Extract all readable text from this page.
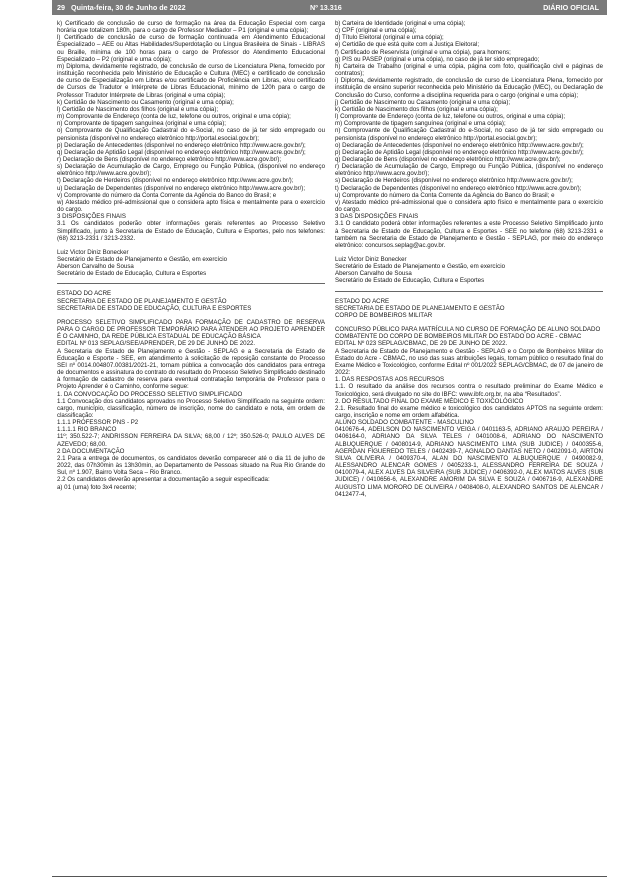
29 Quinta-feira, 30 de Junho de 2022	Nº 13.316	DIÁRIO OFICIAL

k) Certificado de conclusão de curso de formação na área da Educação Especial com carga horária que totalizem 180h, para o cargo de Professor Mediador – P1 (original e uma cópia);

l) Certificado de conclusão de curso de formação continuada em Atendimento Educacional Especializado – AEE ou Altas Habilidades/Superdotação ou Língua Brasileira de Sinais - LIBRAS ou Braille, mínima de 100 horas para o cargo de Professor do Atendimento Educacional Especializado – P2 (original e uma cópia);

m) Diploma, devidamente registrado, de conclusão de curso de Licenciatura Plena, fornecido por instituição reconhecida pelo Ministério de Educação e Cultura (MEC) e certificado de conclusão de curso de Especialização em Libras e/ou certificado de Proficiência em Libras, e/ou certificado de Cursos de Tradutor e Intérprete de Libras Educacional, mínimo de 120h para o cargo de Professor Tradutor Intérprete de Libras (original e uma cópia);

k) Certidão de Nascimento ou Casamento (original e uma cópia);

l) Certidão de Nascimento dos filhos (original e uma cópia);

m) Comprovante de Endereço (conta de luz, telefone ou outros, original e uma cópia);

n) Comprovante de tipagem sanguínea (original e uma cópia);

o) Comprovante de Qualificação Cadastral do e-Social, no caso de já ter sido empregado ou pensionista (disponível no endereço eletrônico http://portal.esocial.gov.br);

p) Declaração de Antecedentes (disponível no endereço eletrônico http://www.acre.gov.br/);

q) Declaração de Aptidão Legal (disponível no endereço eletrônico http://www.acre.gov.br/);

r) Declaração de Bens (disponível no endereço eletrônico http://www.acre.gov.br/);

s) Declaração de Acumulação de Cargo, Emprego ou Função Pública, (disponível no endereço eletrônico http://www.acre.gov.br/);

t) Declaração de Herdeiros (disponível no endereço eletrônico http://www.acre.gov.br/);

u) Declaração de Dependentes (disponível no endereço eletrônico http://www.acre.gov.br/);

v) Comprovante do número da Conta Corrente da Agência do Banco do Brasil; e

w) Atestado médico pré-admissional que o considera apto física e mentalmente para o exercício do cargo.

3 DISPOSIÇÕES FINAIS

3.1 Os candidatos poderão obter informações gerais referentes ao Processo Seletivo Simplificado, junto à Secretaria de Estado de Educação, Cultura e Esportes, pelo nos telefones: (68) 3213-2331 / 3213-2332.

Luiz Victor Diniz Bonecker

Secretário de Estado de Planejamento e Gestão, em exercício

Aberson Carvalho de Sousa

Secretário de Estado de Educação, Cultura e Esportes

ESTADO DO ACRE

SECRETARIA DE ESTADO DE PLANEJAMENTO E GESTÃO

SECRETARIA DE ESTADO DE EDUCAÇÃO, CULTURA E ESPORTES

PROCESSO SELETIVO SIMPLIFICADO PARA FORMAÇÃO DE CADASTRO DE RESERVA PARA O CARGO DE PROFESSOR TEMPORÁRIO PARA ATENDER AO PROJETO APRENDER É O CAMINHO, DA REDE PÚBLICA ESTADUAL DE EDUCAÇÃO BÁSICA

EDITAL Nº 013 SEPLAG/SEE/APRENDER, DE 29 DE JUNHO DE 2022.

A Secretaria de Estado de Planejamento e Gestão - SEPLAG e a Secretaria de Estado de Educação e Esporte - SEE, em atendimento à solicitação de reposição constante do Processo SEI nº 0014.004807.00381/2021-21, tornam pública a convocação dos candidatos para entrega de documentos e assinatura do contrato do resultado do Processo Seletivo Simplificado destinado à formação de cadastro de reserva para eventual contratação temporária de Professor para o Projeto Aprender é o Caminho, conforme segue:

1. DA CONVOCAÇÃO DO PROCESSO SELETIVO SIMPLIFICADO

1.1 Convocação dos candidatos aprovados no Processo Seletivo Simplificado na seguinte ordem: cargo, município, classificação, número de inscrição, nome do candidato e nota, em ordem de classificação:

1.1.1 PROFESSOR PNS - P2

1.1.1.1 RIO BRANCO

11º; 350.522-7; ANDRISSON FERREIRA DA SILVA; 68,00 / 12º; 350.526-0; PAULO ALVES DE AZEVEDO; 68,00.

2 DA DOCUMENTAÇÃO

2.1 Para a entrega de documentos, os candidatos deverão comparecer até o dia 11 de julho de 2022, das 07h30min às 13h30min, ao Departamento de Pessoas situado na Rua Rio Grande do Sul, nº 1.907, Bairro Volta Seca – Rio Branco.

2.2 Os candidatos deverão apresentar a documentação a seguir especificada:

a) 01 (uma) foto 3x4 recente;

b) Carteira de Identidade (original e uma cópia);

c) CPF (original e uma cópia);

d) Título Eleitoral (original e uma cópia);

e) Certidão de que está quite com a Justiça Eleitoral;

f) Certificado de Reservista (original e uma cópia), para homens;

g) PIS ou PASEP (original e uma cópia), no caso de já ter sido empregado;

h) Carteira de Trabalho (original e uma cópia, página com foto, qualificação civil e páginas de contratos);

i) Diploma, devidamente registrado, de conclusão de curso de Licenciatura Plena, fornecido por instituição de ensino superior reconhecida pelo Ministério da Educação (MEC), ou Declaração de Conclusão do Curso, conforme a disciplina requerida para o cargo (original e uma cópia);

j) Certidão de Nascimento ou Casamento (original e uma cópia);

k) Certidão de Nascimento dos filhos (original e uma cópia);

l) Comprovante de Endereço (conta de luz, telefone ou outros, original e uma cópia);

m) Comprovante de tipagem sanguínea (original e uma cópia);

n) Comprovante de Qualificação Cadastral do e-Social, no caso de já ter sido empregado ou pensionista (disponível no endereço eletrônico http://portal.esocial.gov.br);

o) Declaração de Antecedentes (disponível no endereço eletrônico http://www.acre.gov.br/);

p) Declaração de Aptidão Legal (disponível no endereço eletrônico http://www.acre.gov.br/);

q) Declaração de Bens (disponível no endereço eletrônico http://www.acre.gov.br/);

r) Declaração de Acumulação de Cargo, Emprego ou Função Pública, (disponível no endereço eletrônico http://www.acre.gov.br/);

s) Declaração de Herdeiros (disponível no endereço eletrônico http://www.acre.gov.br/);

t) Declaração de Dependentes (disponível no endereço eletrônico http://www.acre.gov.br/);

u) Comprovante do número da Conta Corrente da Agência do Banco do Brasil; e

v) Atestado médico pré-admissional que o considera apto físico e mentalmente para o exercício do cargo.

3 DAS DISPOSIÇÕES FINAIS

3.1 O candidato poderá obter informações referentes a este Processo Seletivo Simplificado junto à Secretaria de Estado de Educação, Cultura e Esportes - SEE no telefone (68) 3213-2331 e também na Secretaria de Estado de Planejamento e Gestão - SEPLAG, por meio do endereço eletrônico: concursos.seplag@ac.gov.br.

Luiz Victor Diniz Bonecker

Secretário de Estado de Planejamento e Gestão, em exercício

Aberson Carvalho de Sousa

Secretário de Estado de Educação, Cultura e Esportes

ESTADO DO ACRE

SECRETARIA DE ESTADO DE PLANEJAMENTO E GESTÃO

CORPO DE BOMBEIROS MILITAR

CONCURSO PÚBLICO PARA MATRÍCULA NO CURSO DE FORMAÇÃO DE ALUNO SOLDADO

COMBATENTE DO CORPO DE BOMBEIROS MILITAR DO ESTADO DO ACRE - CBMAC

EDITAL Nº 023 SEPLAG/CBMAC, DE 29 DE JUNHO DE 2022.

A Secretaria de Estado de Planejamento e Gestão - SEPLAG e o Corpo de Bombeiros Militar do Estado do Acre - CBMAC, no uso das suas atribuições legais, tornam público o resultado final do Exame Médico e Toxicológico, conforme Edital nº 001/2022 SEPLAG/CBMAC, de 07 de janeiro de 2022:

1. DAS RESPOSTAS AOS RECURSOS

1.1. O resultado da análise dos recursos contra o resultado preliminar do Exame Médico e Toxicológico, será divulgado no site do IBFC: www.ibfc.org.br, na aba “Resultados”.

2. DO RESULTADO FINAL DO EXAME MÉDICO E TOXICOLÓGICO

2.1. Resultado final do exame médico e toxicológico dos candidatos APTOS na seguinte ordem: cargo, inscrição e nome em ordem alfabética.

ALUNO SOLDADO COMBATENTE - MASCULINO

0410676-4, ADEILSON DO NASCIMENTO VEIGA / 0401163-5, ADRIANO ARAUJO PEREIRA / 0406164-0, ADRIANO DA SILVA TELES / 0401008-6, ADRIANO DO NASCIMENTO ALBUQUERQUE / 0408014-9, ADRIANO NASCIMENTO LIMA (SUB JUDICE) / 0400355-6, AGERDAN FIGUEREDO TELES / 0402439-7, AGNALDO DANTAS NETO / 0402091-0, AIRTON SILVA OLIVEIRA / 0409370-4, ALAN DO NASCIMENTO ALBUQUERQUE / 0490082-9, ALESSANDRO ALENCAR GOMES / 0405233-1, ALESSANDRO FERREIRA DE SOUZA / 0410079-4, ALEX ALVES DA SILVEIRA (SUB JUDICE) / 0406392-0, ALEX MATOS ALVES (SUB JUDICE) / 0410656-6, ALEXANDRE AMORIM DA SILVA E SOUZA / 0406716-9, ALEXANDRE AUGUSTO LIMA MORORO DE OLIVEIRA / 0408408-0, ALEXANDRO SANTOS DE ALENCAR / 0412477-4,
